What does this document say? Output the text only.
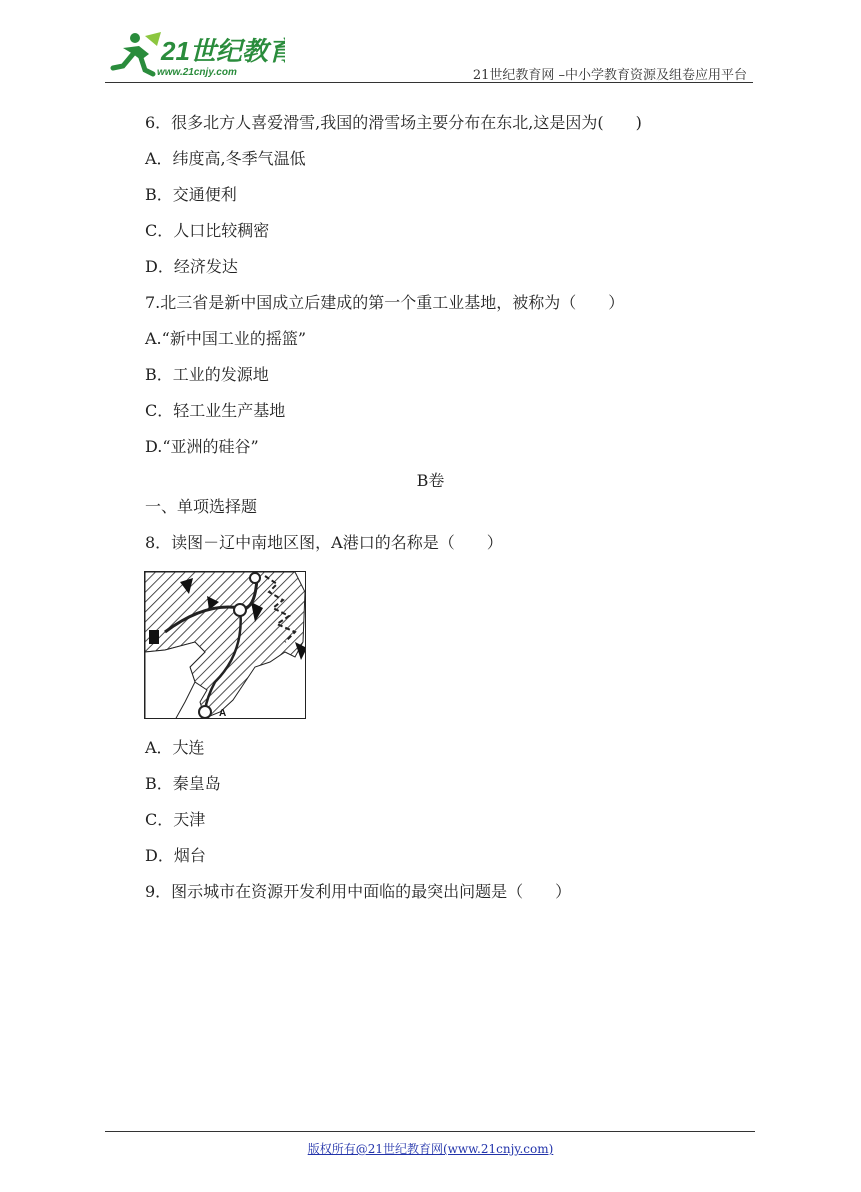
21世纪教育
www.21cnjy.com	21世纪教育网 –中小学教育资源及组卷应用平台
6．很多北方人喜爱滑雪,我国的滑雪场主要分布在东北,这是因为(　　)
A．纬度高,冬季气温低
B．交通便利
C．人口比较稠密
D．经济发达
7.北三省是新中国成立后建成的第一个重工业基地，被称为（　　）
A.“新中国工业的摇篮”
B．工业的发源地
C．轻工业生产基地
D.“亚洲的硅谷”
B卷
一、单项选择题
8．读图－辽中南地区图，A港口的名称是（　　）
A
A．大连
B．秦皇岛
C．天津
D．烟台
9．图示城市在资源开发利用中面临的最突出问题是（　　）
版权所有@21世纪教育网(www.21cnjy.com)
